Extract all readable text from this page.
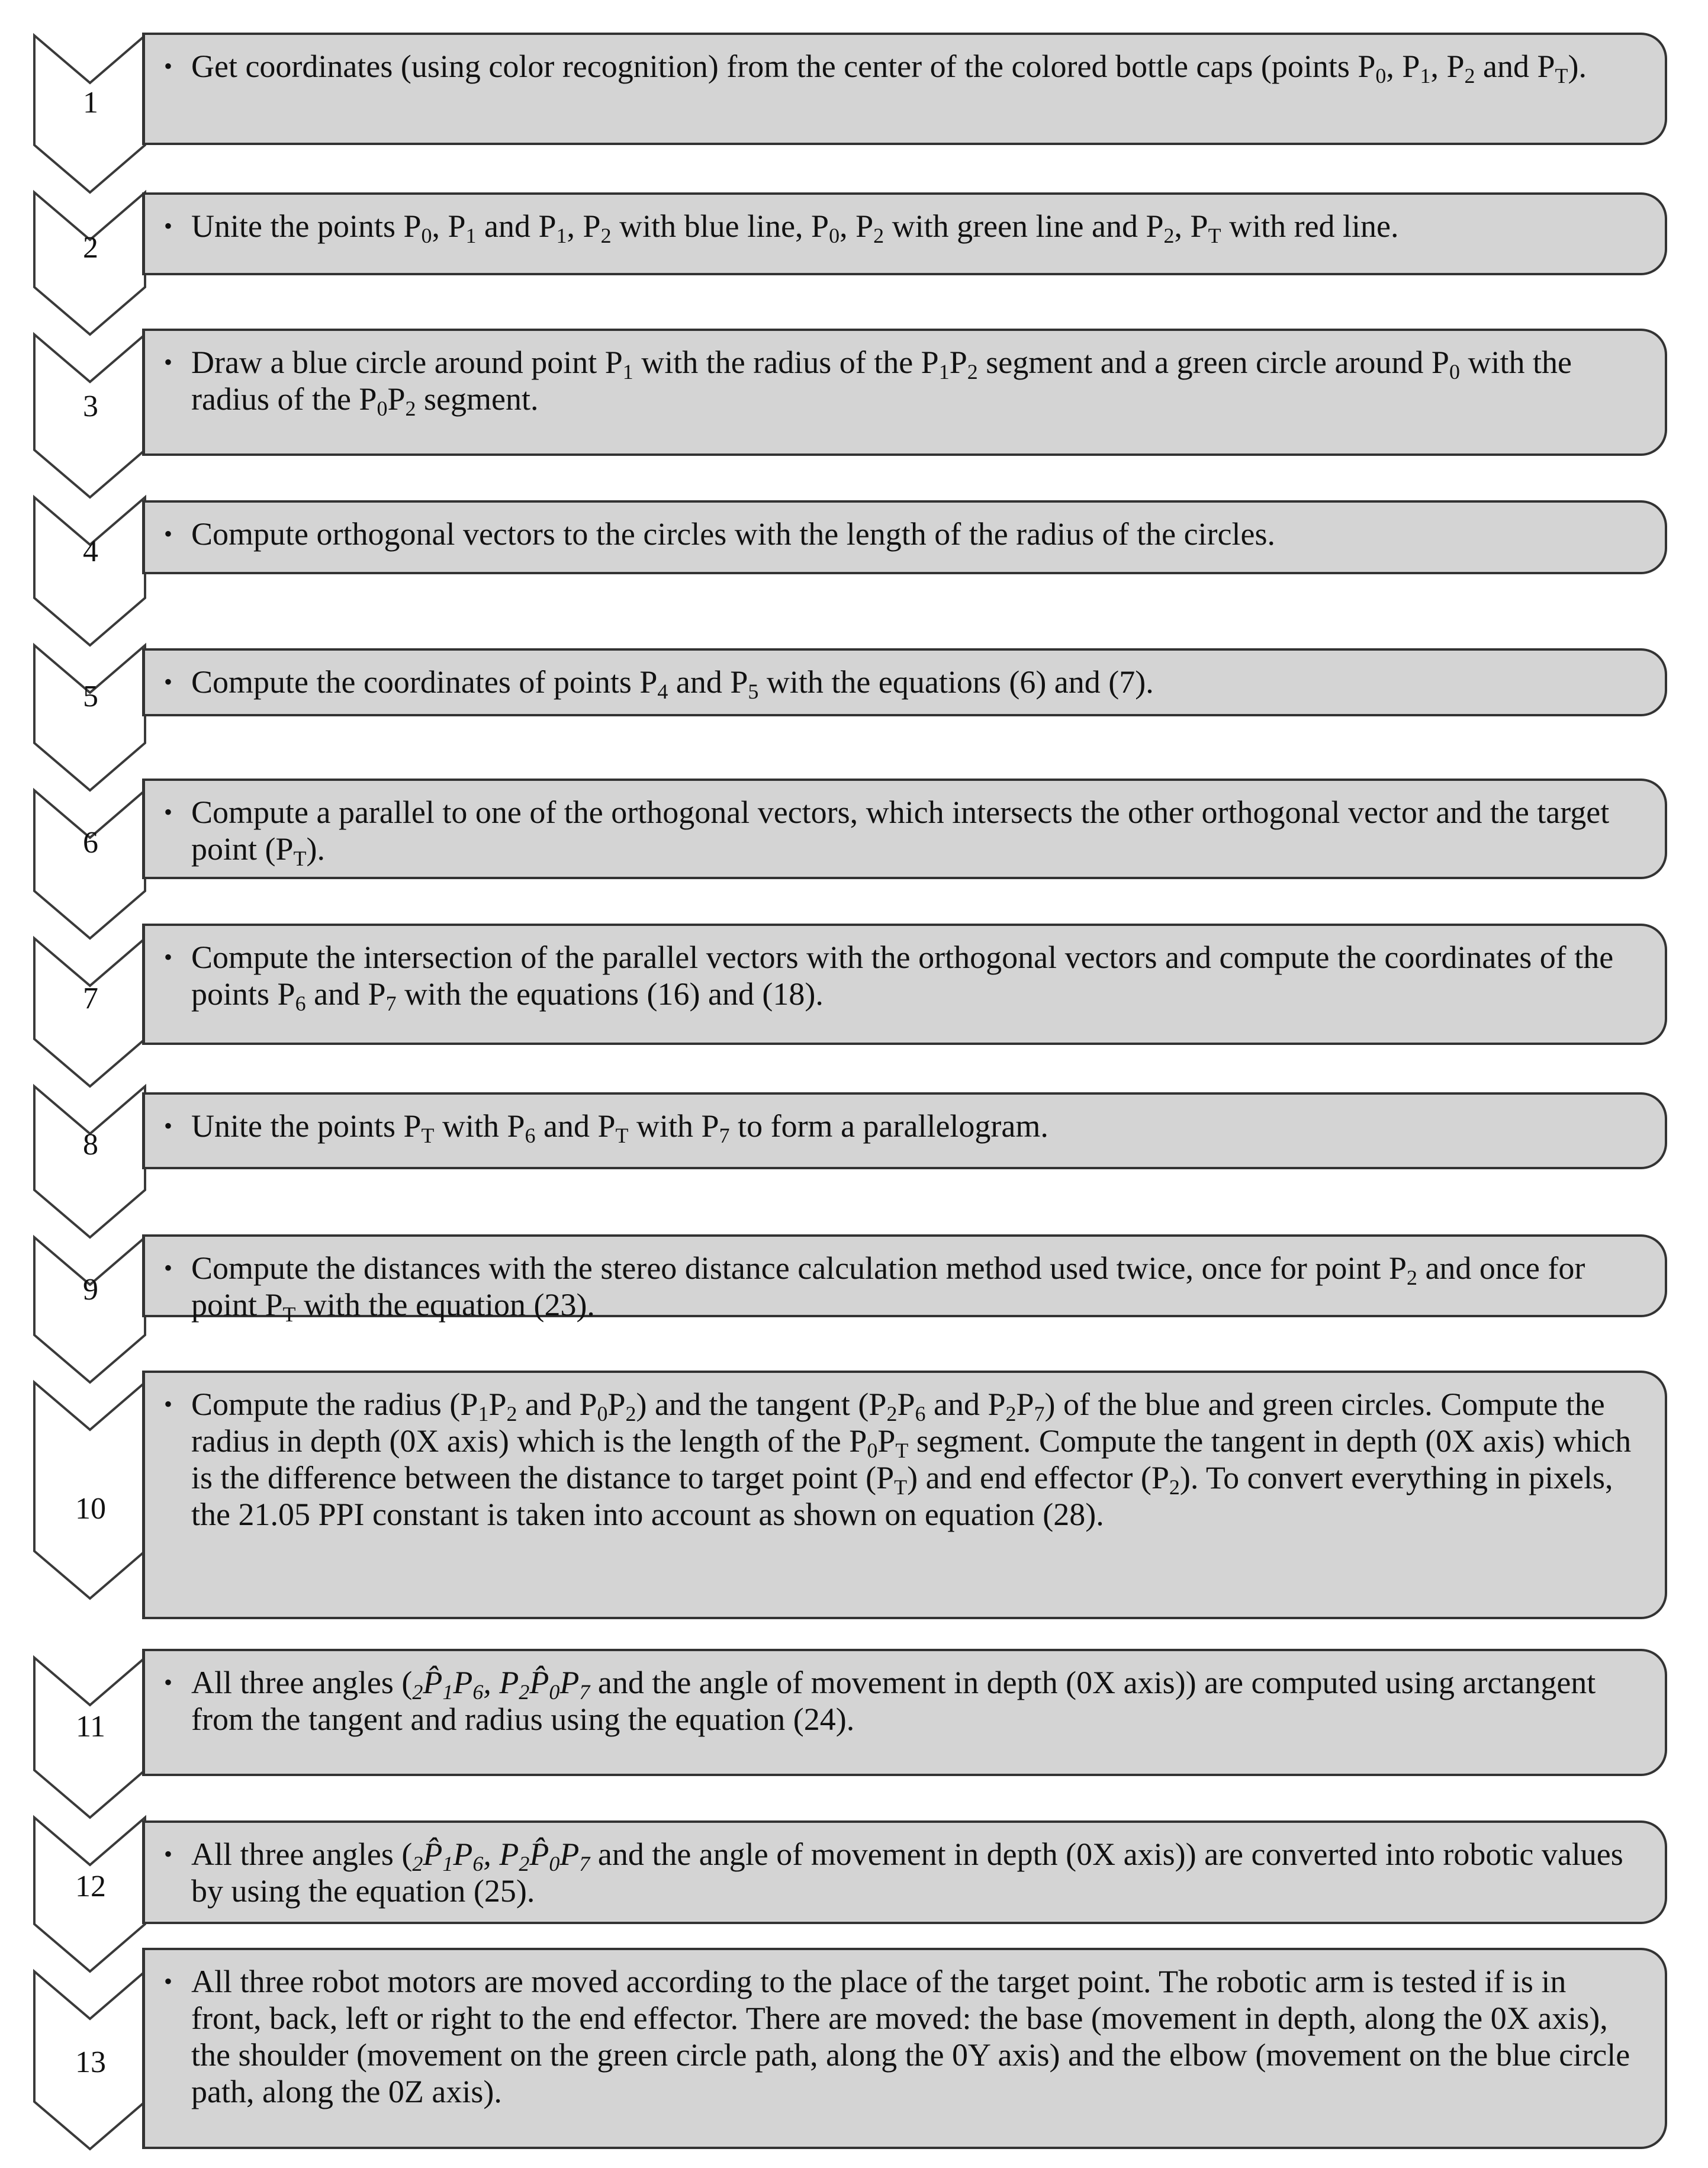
1
• Get coordinates (using color recognition) from the center of the colored bottle caps (points $P_0$, $P_1$, $P_2$ and $P_T$).
2
• Unite the points $P_0$, $P_1$ and $P_1$, $P_2$ with blue line, $P_0$, $P_2$ with green line and $P_2$, $P_T$ with red line.
3
• Draw a blue circle around point $P_1$ with the radius of the $P_1P_2$ segment and a green circle around $P_0$ with the radius of the $P_0P_2$ segment.
4
• Compute orthogonal vectors to the circles with the length of the radius of the circles.
5	• Compute the coordinates of points $P_4$ and $P_5$ with the equations (6) and (7).
6
• Compute a parallel to one of the orthogonal vectors, which intersects the other orthogonal vector and the target point $(P_T)$.
7
• Compute the intersection of the parallel vectors with the orthogonal vectors and compute the coordinates of the points $P_6$ and $P_7$ with the equations (16) and (18).
8
• Unite the points $P_T$ with $P_6$ and $P_T$ with $P_7$ to form a parallelogram.
9
• Compute the distances with the stereo distance calculation method used twice, once for point $P_2$ and once for point $P_T$ with the equation (23).
10
• Compute the radius ($P_1P_2$ and $P_0P_2$) and the tangent ($P_2P_6$ and $P_2P_7$) of the blue and green circles. Compute the radius in depth (0X axis) which is the length of the $P_0P_T$ segment. Compute the tangent in depth (0X axis) which is the difference between the distance to target point $(P_T)$ and end effector $(P_2)$. To convert everything in pixels, the 21.05 PPI constant is taken into account as shown on equation (28).
11
• All three angles ($_2P̂_1P_6$, $P_2P̂_0P_7$ and the angle of movement in depth (0X axis)) are computed using arctangent from the tangent and radius using the equation (24).
12
• All three angles ($_2P̂_1P_6$, $P_2P̂_0P_7$ and the angle of movement in depth (0X axis)) are converted into robotic values by using the equation (25).
13
• All three robot motors are moved according to the place of the target point. The robotic arm is tested if is in front, back, left or right to the end effector. There are moved: the base (movement in depth, along the 0X axis), the shoulder (movement on the green circle path, along the 0Y axis) and the elbow (movement on the blue circle path, along the 0Z axis).
